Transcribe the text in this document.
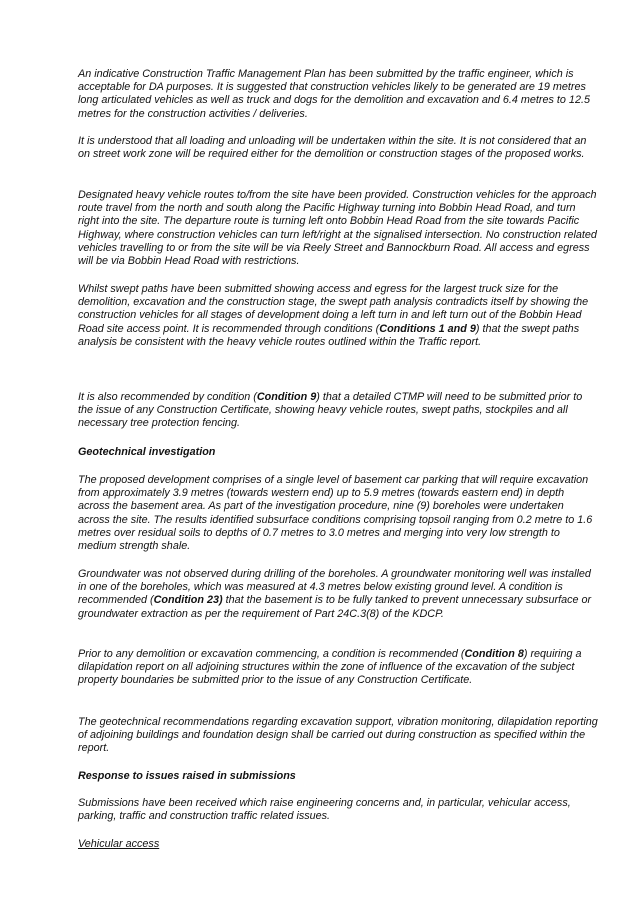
An indicative Construction Traffic Management Plan has been submitted by the traffic engineer, which is acceptable for DA purposes. It is suggested that construction vehicles likely to be generated are 19 metres long articulated vehicles as well as truck and dogs for the demolition and excavation and 6.4 metres to 12.5 metres for the construction activities / deliveries.

It is understood that all loading and unloading will be undertaken within the site. It is not considered that an on street work zone will be required either for the demolition or construction stages of the proposed works.

Designated heavy vehicle routes to/from the site have been provided. Construction vehicles for the approach route travel from the north and south along the Pacific Highway turning into Bobbin Head Road, and turn right into the site. The departure route is turning left onto Bobbin Head Road from the site towards Pacific Highway, where construction vehicles can turn left/right at the signalised intersection. No construction related vehicles travelling to or from the site will be via Reely Street and Bannockburn Road. All access and egress will be via Bobbin Head Road with restrictions.

Whilst swept paths have been submitted showing access and egress for the largest truck size for the demolition, excavation and the construction stage, the swept path analysis contradicts itself by showing the construction vehicles for all stages of development doing a left turn in and left turn out of the Bobbin Head Road site access point. It is recommended through conditions (Conditions 1 and 9) that the swept paths analysis be consistent with the heavy vehicle routes outlined within the Traffic report.

It is also recommended by condition (Condition 9) that a detailed CTMP will need to be submitted prior to the issue of any Construction Certificate, showing heavy vehicle routes, swept paths, stockpiles and all necessary tree protection fencing.

Geotechnical investigation

The proposed development comprises of a single level of basement car parking that will require excavation from approximately 3.9 metres (towards western end) up to 5.9 metres (towards eastern end) in depth across the basement area. As part of the investigation procedure, nine (9) boreholes were undertaken across the site. The results identified subsurface conditions comprising topsoil ranging from 0.2 metre to 1.6 metres over residual soils to depths of 0.7 metres to 3.0 metres and merging into very low strength to medium strength shale.

Groundwater was not observed during drilling of the boreholes. A groundwater monitoring well was installed in one of the boreholes, which was measured at 4.3 metres below existing ground level. A condition is recommended (Condition 23) that the basement is to be fully tanked to prevent unnecessary subsurface or groundwater extraction as per the requirement of Part 24C.3(8) of the KDCP.

Prior to any demolition or excavation commencing, a condition is recommended (Condition 8) requiring a dilapidation report on all adjoining structures within the zone of influence of the excavation of the subject property boundaries be submitted prior to the issue of any Construction Certificate.

The geotechnical recommendations regarding excavation support, vibration monitoring, dilapidation reporting of adjoining buildings and foundation design shall be carried out during construction as specified within the report.

Response to issues raised in submissions

Submissions have been received which raise engineering concerns and, in particular, vehicular access, parking, traffic and construction traffic related issues.

Vehicular access
